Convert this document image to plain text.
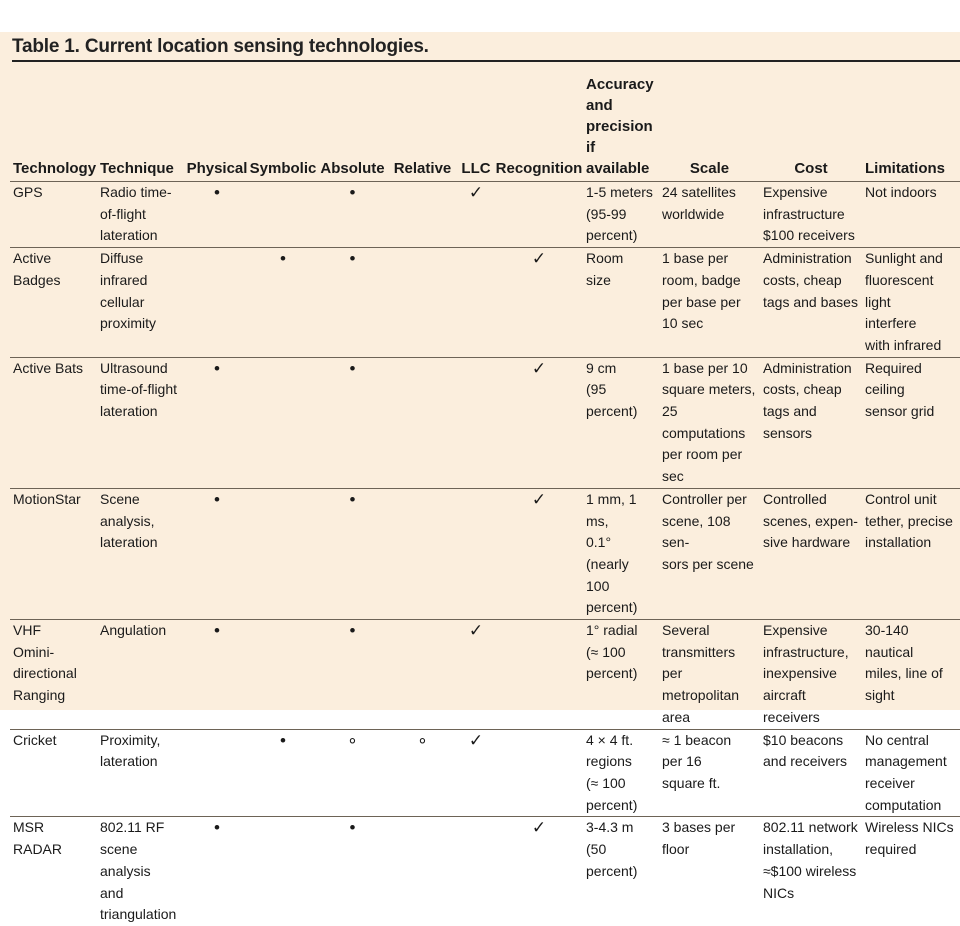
Table 1. Current location sensing technologies.
Technology	Technique	Physical	Symbolic	Absolute	Relative	LLC	Recognition	Accuracy and
precision if
available	Scale	Cost	Limitations
GPS	Radio time-
of-flight
lateration	•		•		✓		1-5 meters
(95-99
percent)	24 satellites
worldwide	Expensive
infrastructure
$100 receivers	Not indoors
Active
Badges	Diffuse
infrared
cellular
proximity		•	•			✓	Room
size	1 base per
room, badge
per base per
10 sec	Administration
costs, cheap
tags and bases	Sunlight and
fluorescent light
interfere
with infrared
Active Bats	Ultrasound
time-of-flight
lateration	•		•			✓	9 cm
(95 percent)	1 base per 10
square meters,
25 computations
per room per sec	Administration
costs, cheap
tags and
sensors	Required
ceiling
sensor grid
MotionStar	Scene
analysis,
lateration	•		•			✓	1 mm, 1 ms,
0.1° (nearly
100 percent)	Controller per
scene, 108 sen-
sors per scene	Controlled
scenes, expen-
sive hardware	Control unit
tether, precise
installation
VHF
Omini-
directional
Ranging	Angulation	•		•		✓		1° radial
(≈ 100
percent)	Several
transmitters per
metropolitan
area	Expensive
infrastructure,
inexpensive
aircraft receivers	30-140 nautical
miles, line of
sight
Cricket	Proximity,
lateration		•	∘	∘	✓		4 × 4 ft.
regions
(≈ 100
percent)	≈ 1 beacon
per 16
square ft.	$10 beacons
and receivers	No central
management
receiver
computation
MSR RADAR	802.11 RF
scene analysis
and
triangulation	•		•			✓	3-4.3 m
(50 percent)	3 bases per
floor	802.11 network
installation,
≈$100 wireless
NICs	Wireless NICs
required
